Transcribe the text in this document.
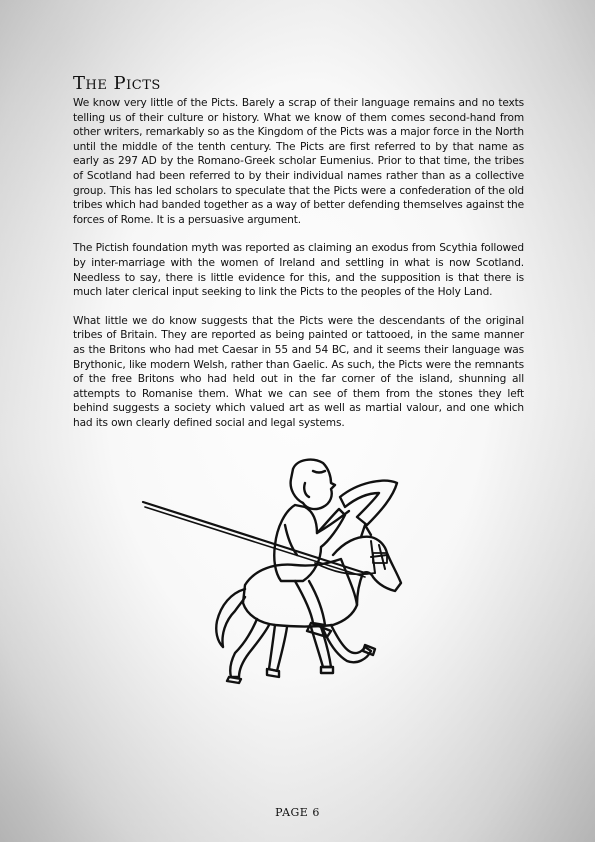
The Picts

We know very little of the Picts. Barely a scrap of their language remains and no texts telling us of their culture or history. What we know of them comes second-hand from other writers, remarkably so as the Kingdom of the Picts was a major force in the North until the middle of the tenth century. The Picts are first referred to by that name as early as 297 AD by the Romano-Greek scholar Eumenius. Prior to that time, the tribes of Scotland had been referred to by their individual names rather than as a collective group. This has led scholars to speculate that the Picts were a confederation of the old tribes which had banded together as a way of better defending themselves against the forces of Rome. It is a persuasive argument.

The Pictish foundation myth was reported as claiming an exodus from Scythia followed by inter-marriage with the women of Ireland and settling in what is now Scotland. Needless to say, there is little evidence for this, and the supposition is that there is much later clerical input seeking to link the Picts to the peoples of the Holy Land.

What little we do know suggests that the Picts were the descendants of the original tribes of Britain. They are reported as being painted or tattooed, in the same manner as the Britons who had met Caesar in 55 and 54 BC, and it seems their language was Brythonic, like modern Welsh, rather than Gaelic. As such, the Picts were the remnants of the free Britons who had held out in the far corner of the island, shunning all attempts to Romanise them. What we can see of them from the stones they left behind suggests a society which valued art as well as martial valour, and one which had its own clearly defined social and legal systems.

PAGE 6
